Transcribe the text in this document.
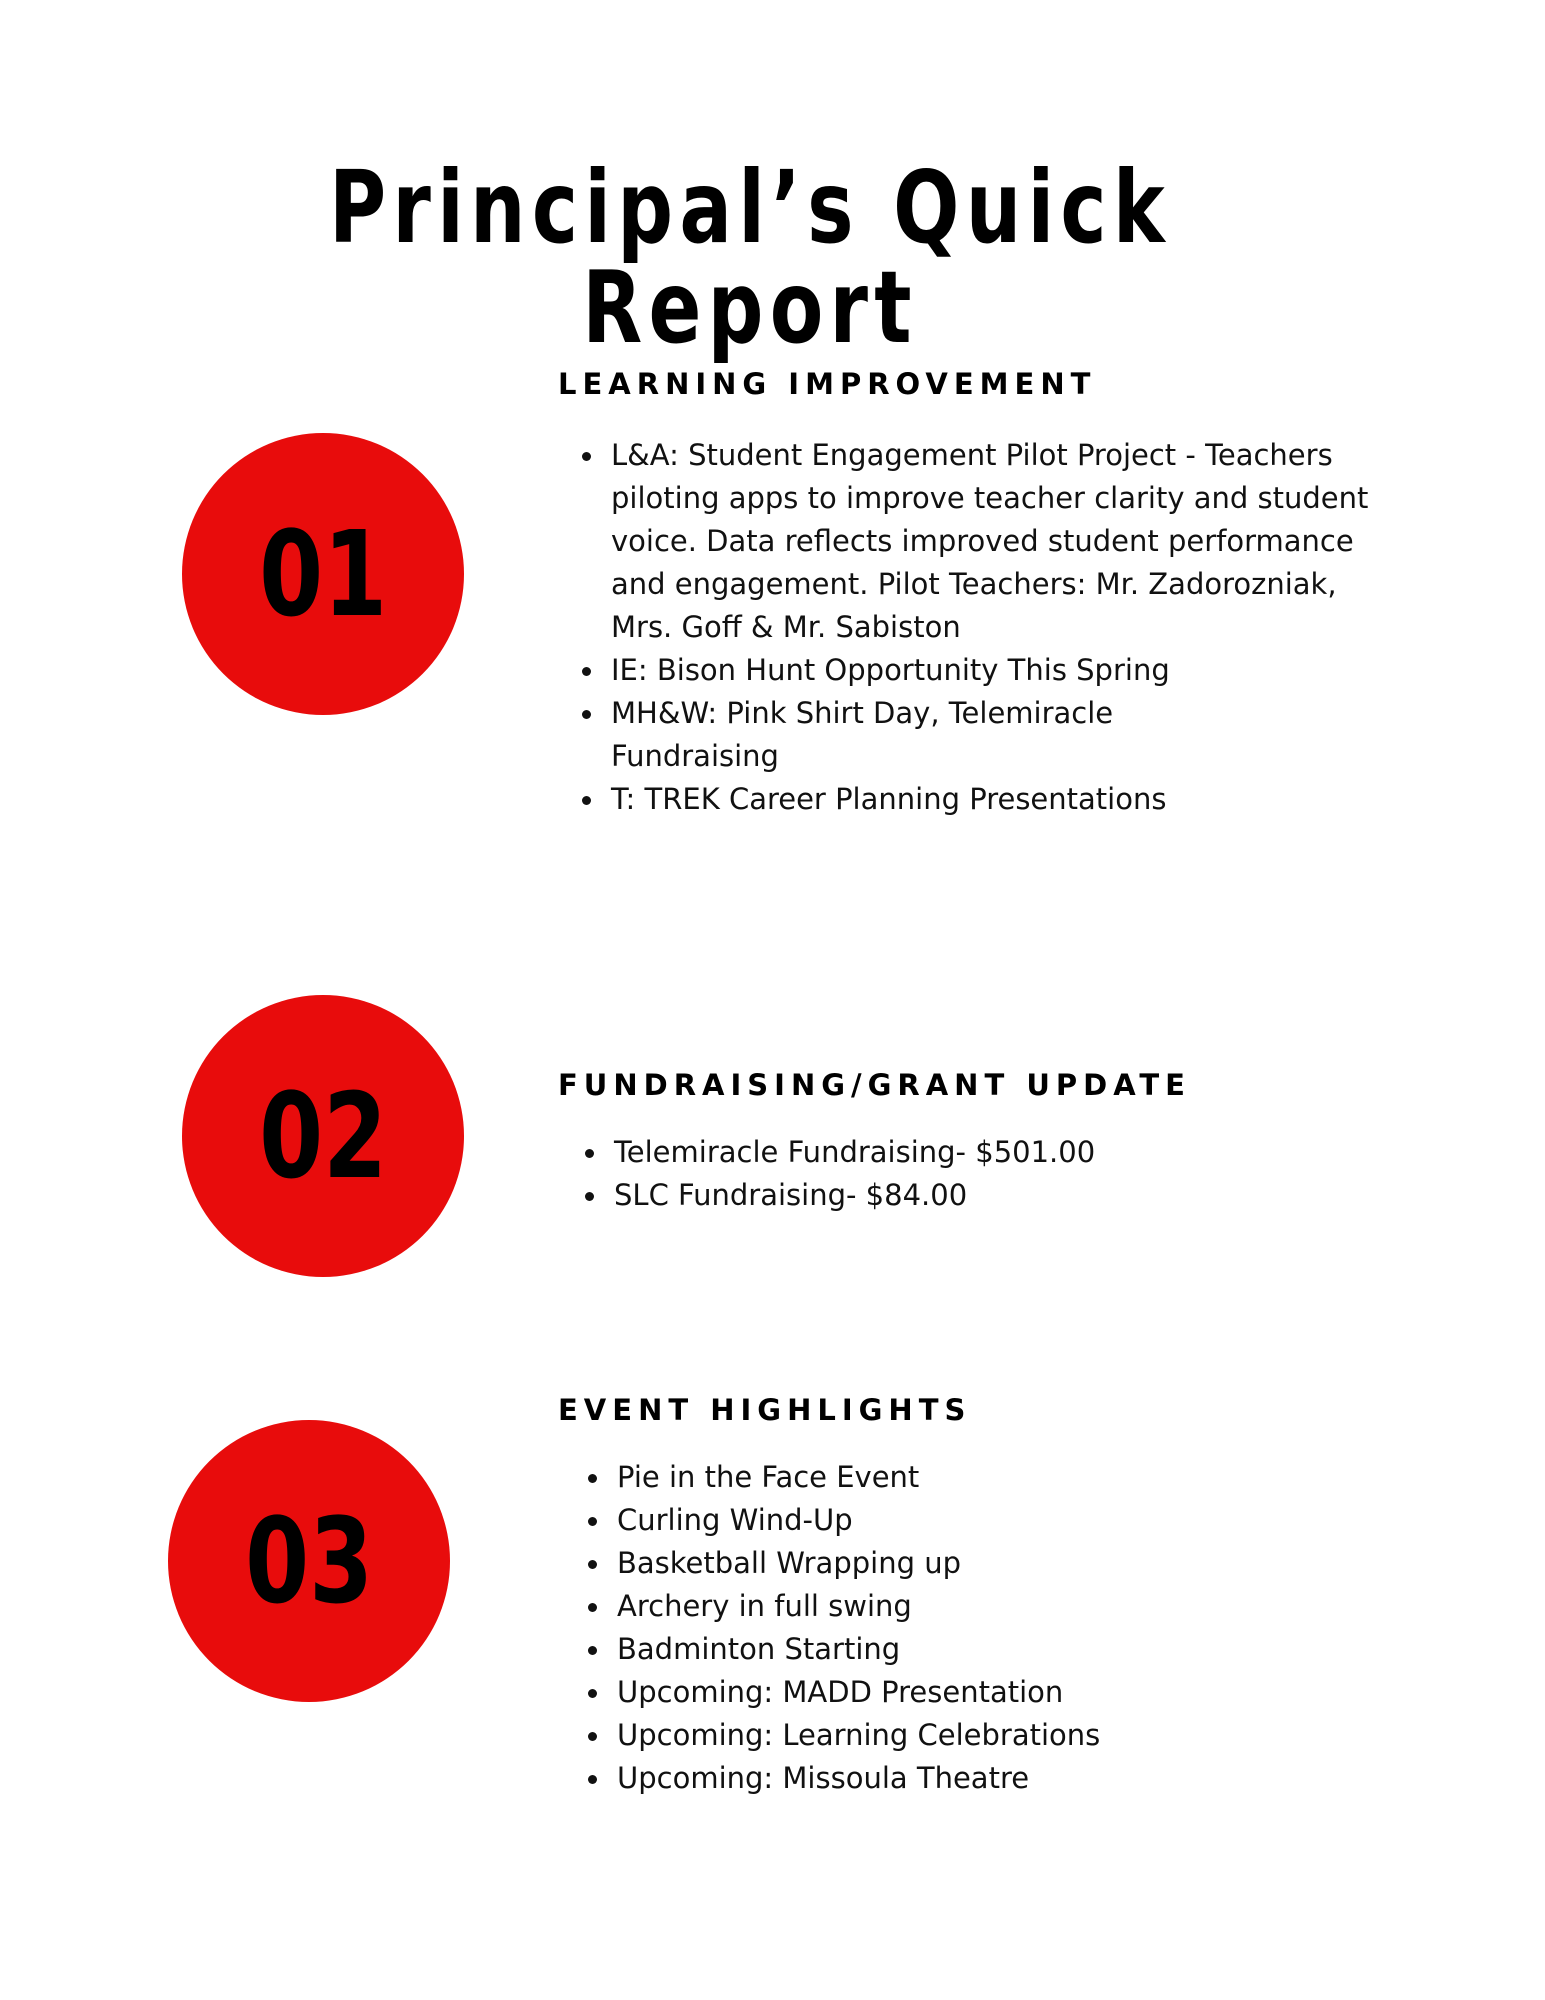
Principal’s Quick Report
01
LEARNING IMPROVEMENT
L&A: Student Engagement Pilot Project - Teachers piloting apps to improve teacher clarity and student voice. Data reflects improved student performance and engagement. Pilot Teachers: Mr. Zadorozniak, Mrs. Goff & Mr. Sabiston
IE: Bison Hunt Opportunity This Spring
MH&W: Pink Shirt Day, Telemiracle Fundraising
T: TREK Career Planning Presentations
02	FUNDRAISING/GRANT UPDATE
Telemiracle Fundraising- $501.00
SLC Fundraising- $84.00
03
EVENT HIGHLIGHTS
Pie in the Face Event
Curling Wind-Up
Basketball Wrapping up
Archery in full swing
Badminton Starting
Upcoming: MADD Presentation
Upcoming: Learning Celebrations
Upcoming: Missoula Theatre
